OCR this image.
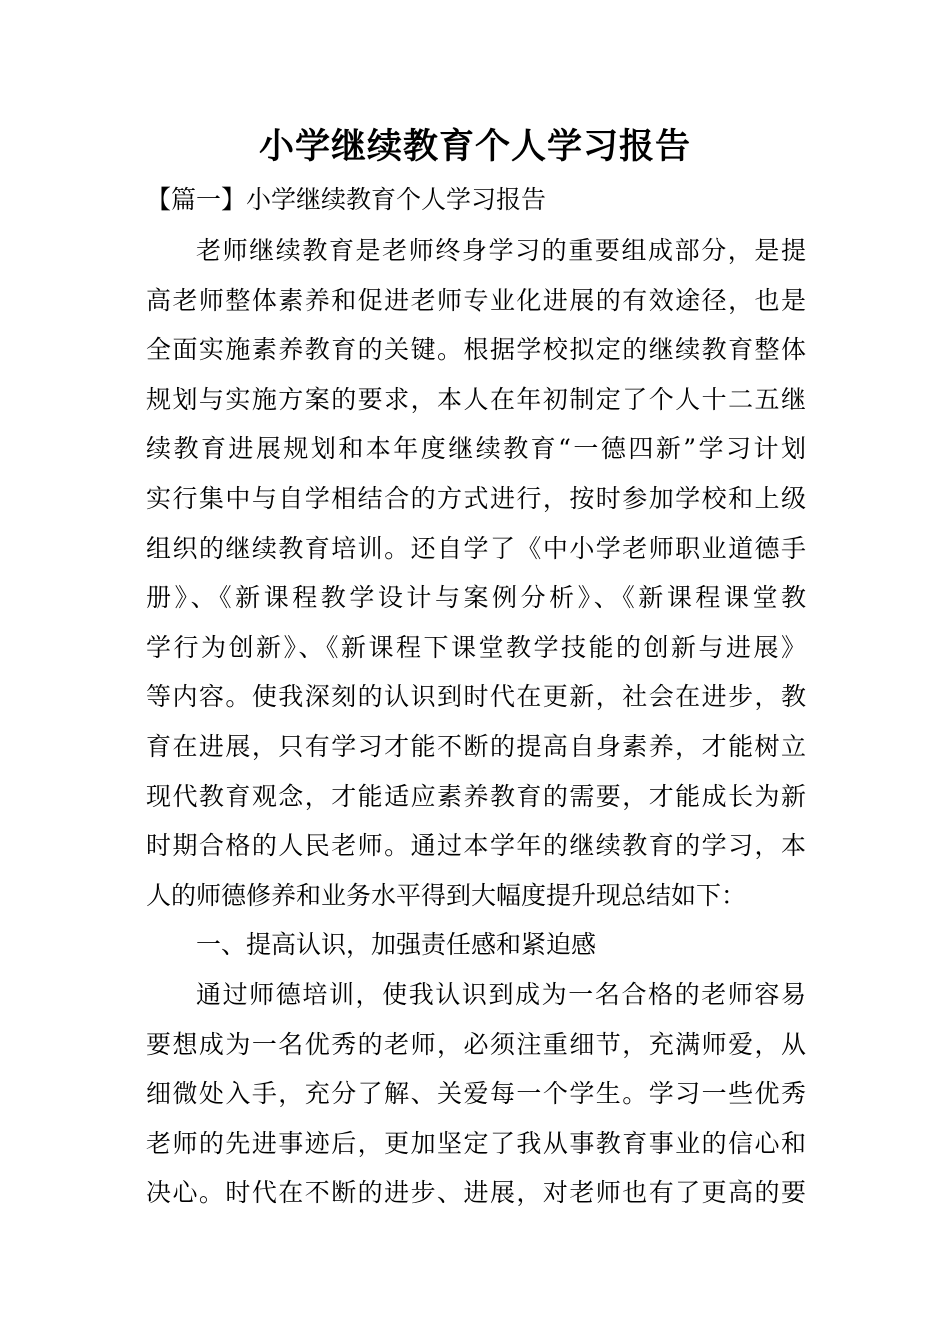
小学继续教育个人学习报告

【篇一】小学继续教育个人学习报告

老师继续教育是老师终身学习的重要组成部分，是提
高老师整体素养和促进老师专业化进展的有效途径，也是
全面实施素养教育的关键。根据学校拟定的继续教育整体
规划与实施方案的要求，本人在年初制定了个人十二五继
续教育进展规划和本年度继续教育“一德四新”学习计划
实行集中与自学相结合的方式进行，按时参加学校和上级
组织的继续教育培训。还自学了《中小学老师职业道德手
册》、《新课程教学设计与案例分析》、《新课程课堂教
学行为创新》、《新课程下课堂教学技能的创新与进展》
等内容。使我深刻的认识到时代在更新，社会在进步，教
育在进展，只有学习才能不断的提高自身素养，才能树立
现代教育观念，才能适应素养教育的需要，才能成长为新
时期合格的人民老师。通过本学年的继续教育的学习，本
人的师德修养和业务水平得到大幅度提升现总结如下：
一、提高认识，加强责任感和紧迫感
通过师德培训，使我认识到成为一名合格的老师容易
要想成为一名优秀的老师，必须注重细节，充满师爱，从
细微处入手，充分了解、关爱每一个学生。学习一些优秀
老师的先进事迹后，更加坚定了我从事教育事业的信心和
决心。时代在不断的进步、进展，对老师也有了更高的要
